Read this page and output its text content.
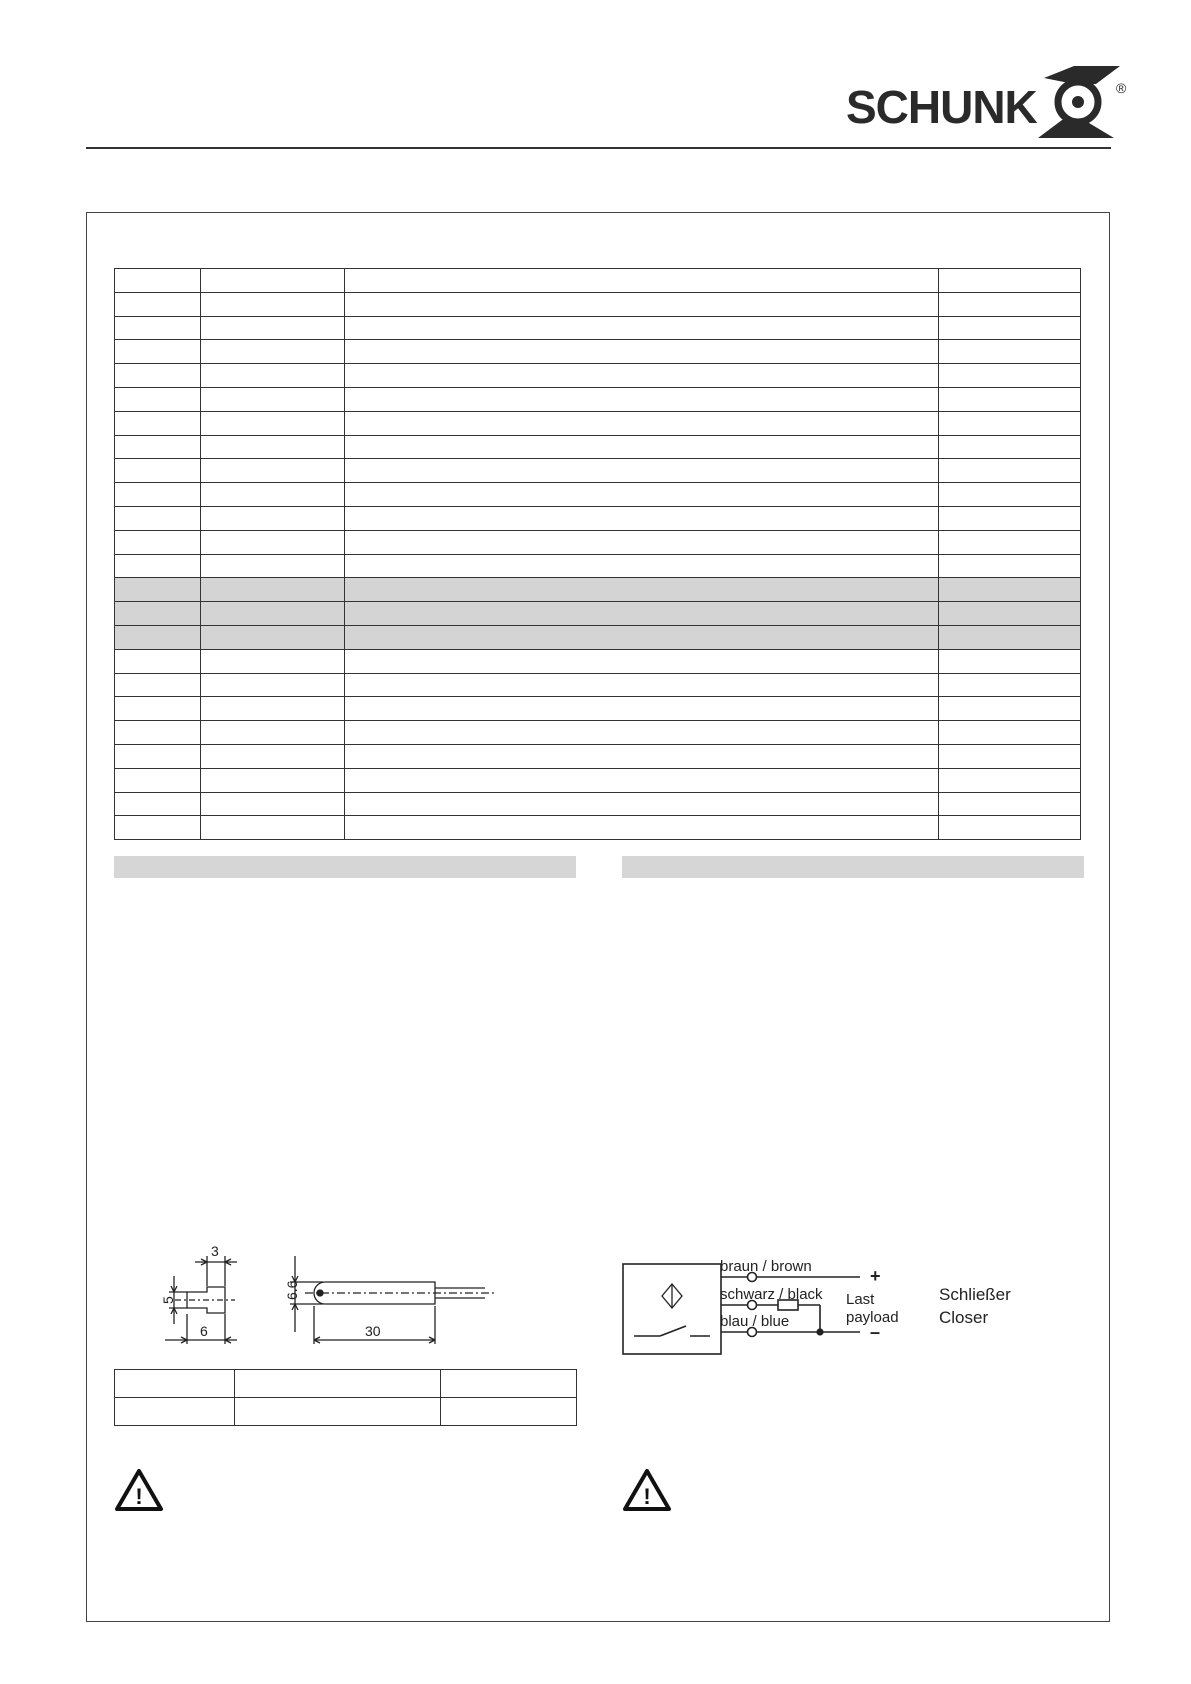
SCHUNK	®

3
5
6
6.6
30

braun / brown
schwarz / black
blau / blue
Last
payload
+
–
Schließer
Closer
!	!
